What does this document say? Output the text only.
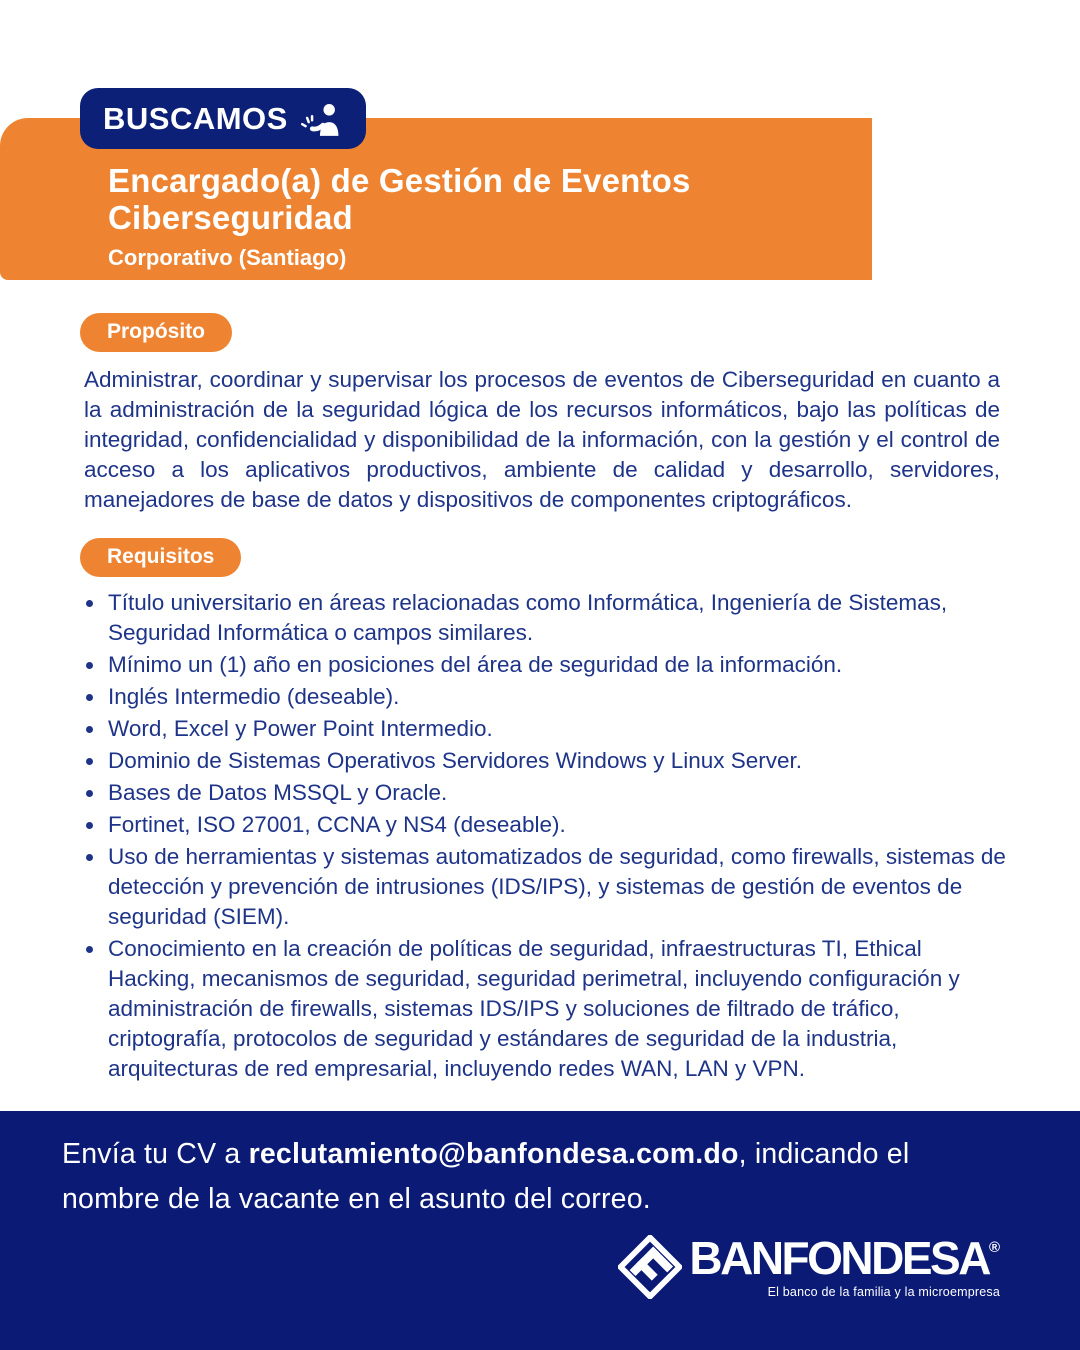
Encargado(a) de Gestión de Eventos
Ciberseguridad
Corporativo (Santiago)
BUSCAMOS
Propósito

Administrar, coordinar y supervisar los procesos de eventos de Ciberseguridad en cuanto a la administración de la seguridad lógica de los recursos informáticos, bajo las políticas de integridad, confidencialidad y disponibilidad de la información, con la gestión y el control de acceso a los aplicativos productivos, ambiente de calidad y desarrollo, servidores, manejadores de base de datos y dispositivos de componentes criptográficos.

Requisitos
• Título universitario en áreas relacionadas como Informática, Ingeniería de Sistemas, Seguridad Informática o campos similares.
• Mínimo un (1) año en posiciones del área de seguridad de la información.
• Inglés Intermedio (deseable).
• Word, Excel y Power Point Intermedio.
• Dominio de Sistemas Operativos Servidores Windows y Linux Server.
• Bases de Datos MSSQL y Oracle.
• Fortinet, ISO 27001, CCNA y NS4 (deseable).
• Uso de herramientas y sistemas automatizados de seguridad, como firewalls, sistemas de detección y prevención de intrusiones (IDS/IPS), y sistemas de gestión de eventos de seguridad (SIEM).
• Conocimiento en la creación de políticas de seguridad, infraestructuras TI, Ethical Hacking, mecanismos de seguridad, seguridad perimetral, incluyendo configuración y administración de firewalls, sistemas IDS/IPS y soluciones de filtrado de tráfico, criptografía, protocolos de seguridad y estándares de seguridad de la industria, arquitecturas de red empresarial, incluyendo redes WAN, LAN y VPN.

Envía tu CV a reclutamiento@banfondesa.com.do, indicando el nombre de la vacante en el asunto del correo.

BANFONDESA®
El banco de la familia y la microempresa
